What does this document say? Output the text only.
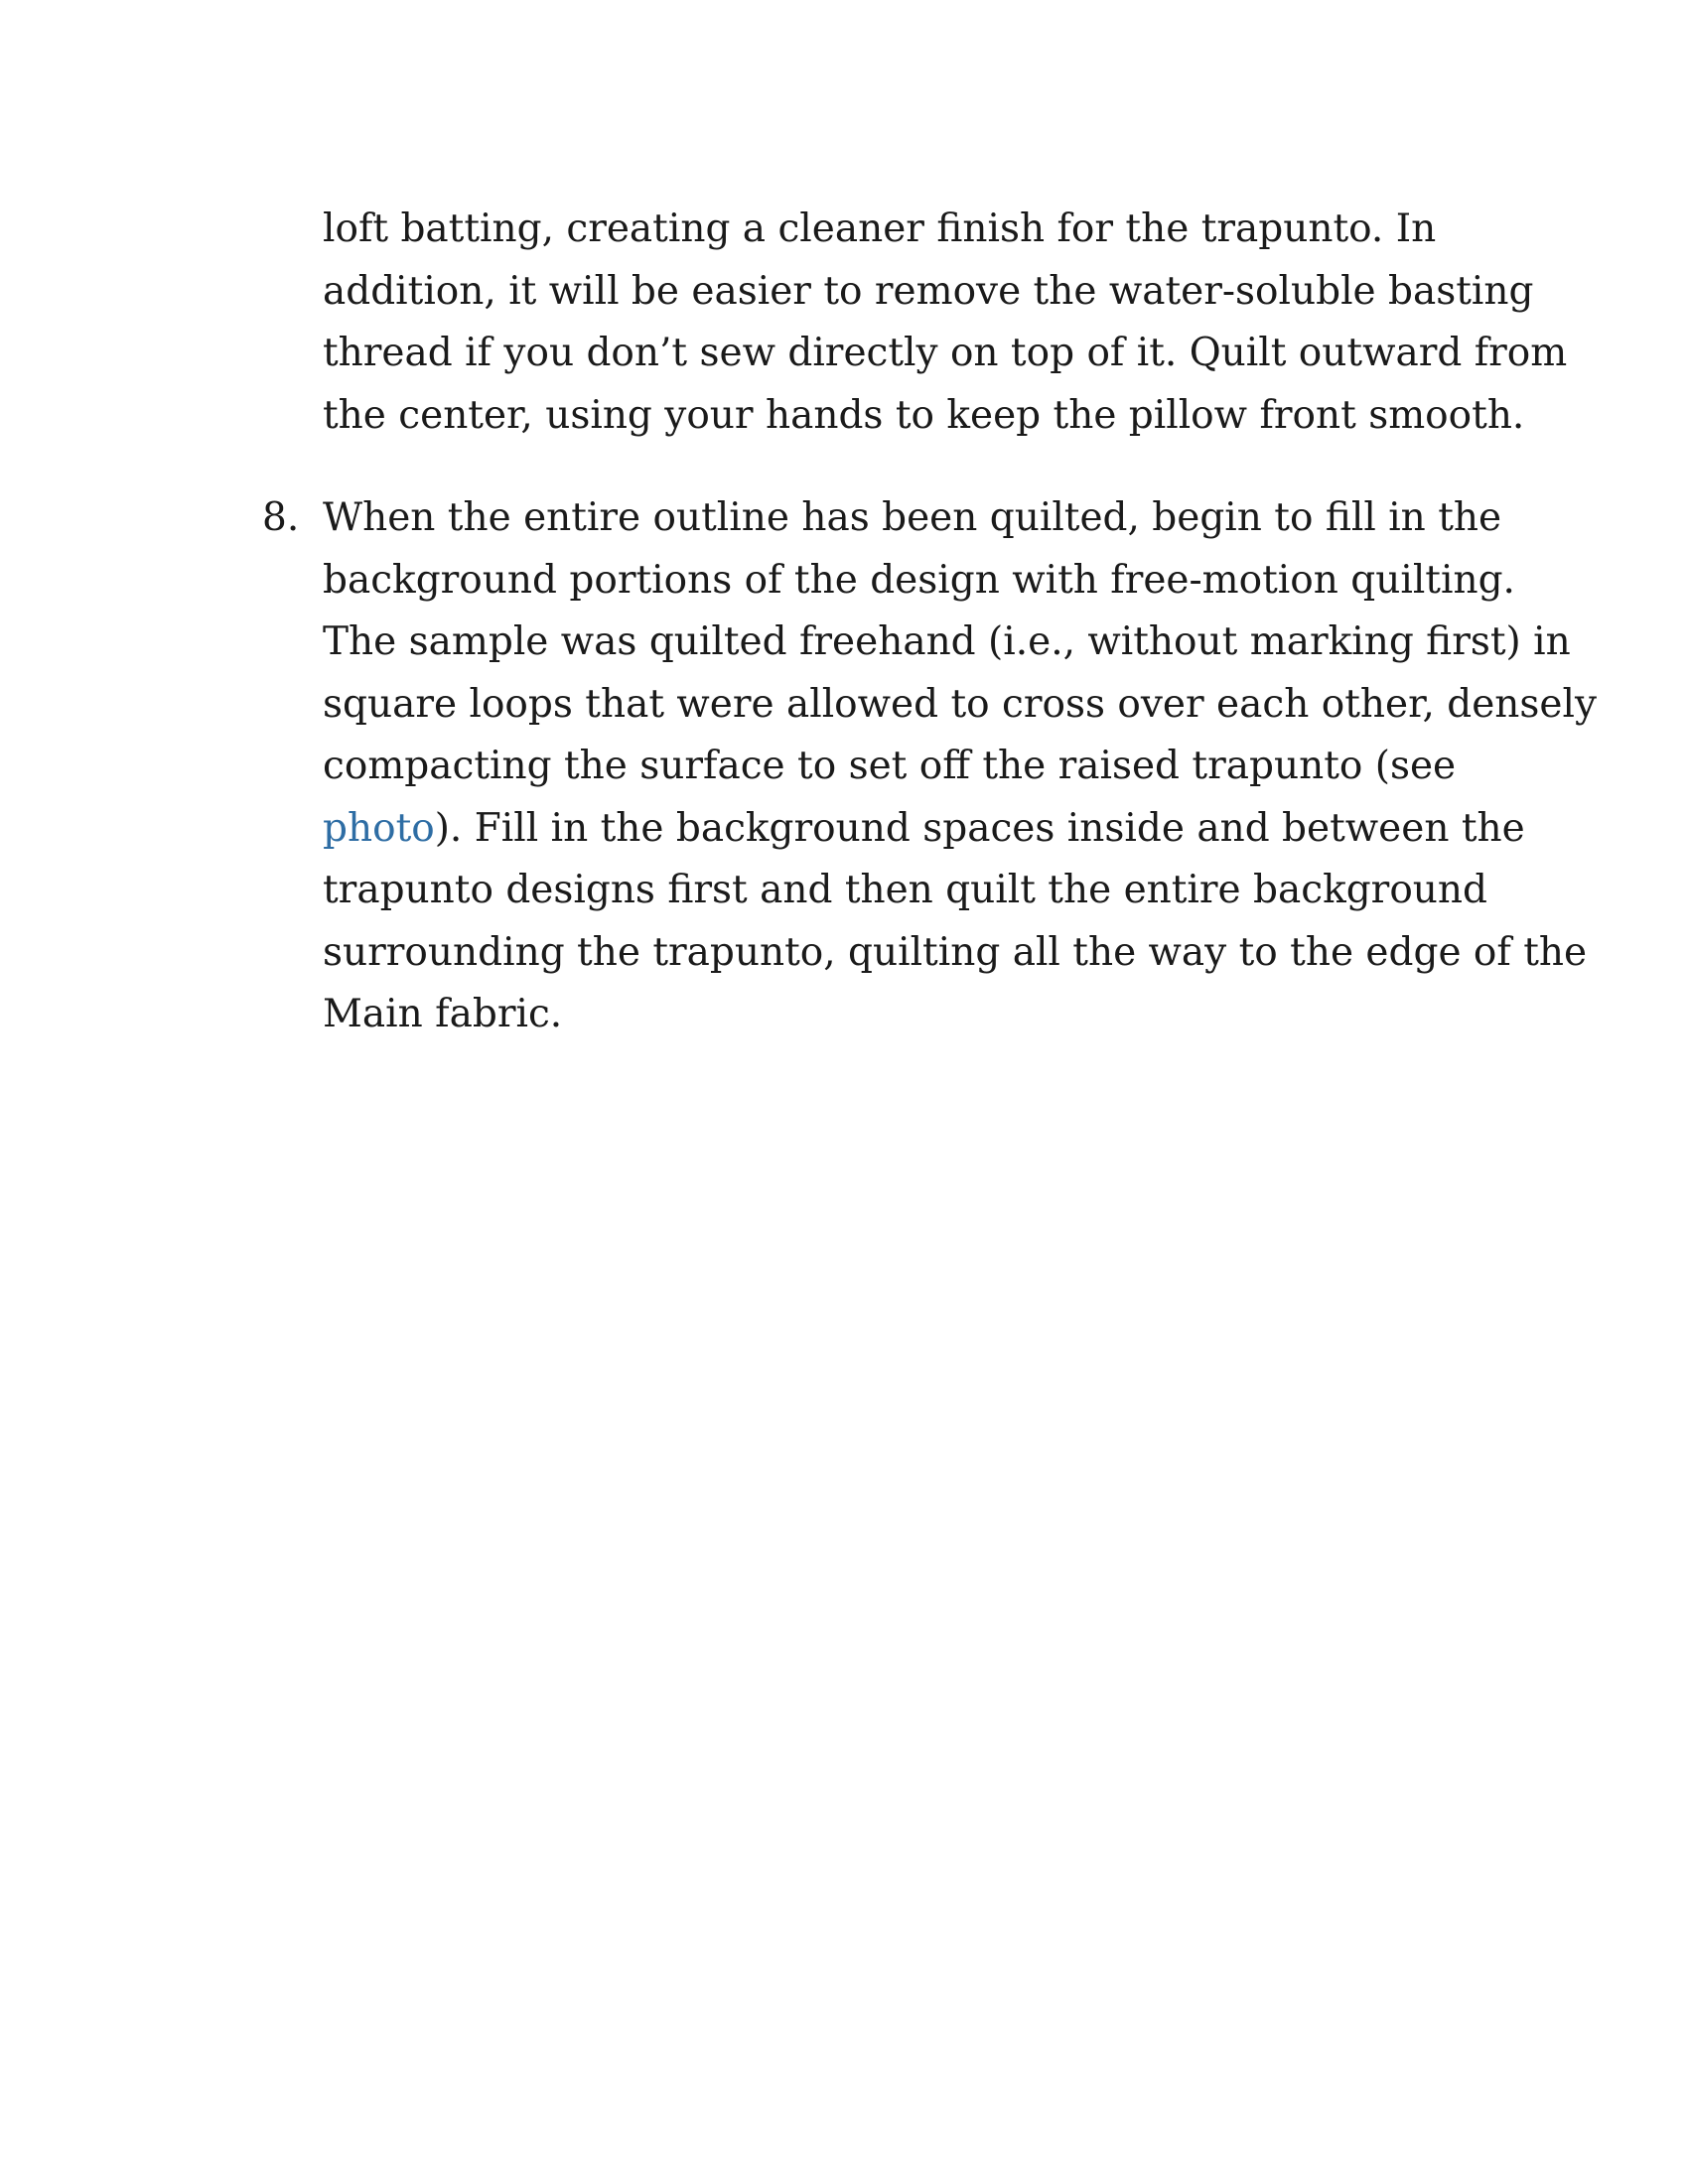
loft batting, creating a cleaner finish for the trapunto. In
addition, it will be easier to remove the water-soluble basting
thread if you don’t sew directly on top of it. Quilt outward from
the center, using your hands to keep the pillow front smooth.

8. When the entire outline has been quilted, begin to fill in the
background portions of the design with free-motion quilting.
The sample was quilted freehand (i.e., without marking first) in
square loops that were allowed to cross over each other, densely
compacting the surface to set off the raised trapunto (see
photo). Fill in the background spaces inside and between the
trapunto designs first and then quilt the entire background
surrounding the trapunto, quilting all the way to the edge of the
Main fabric.
